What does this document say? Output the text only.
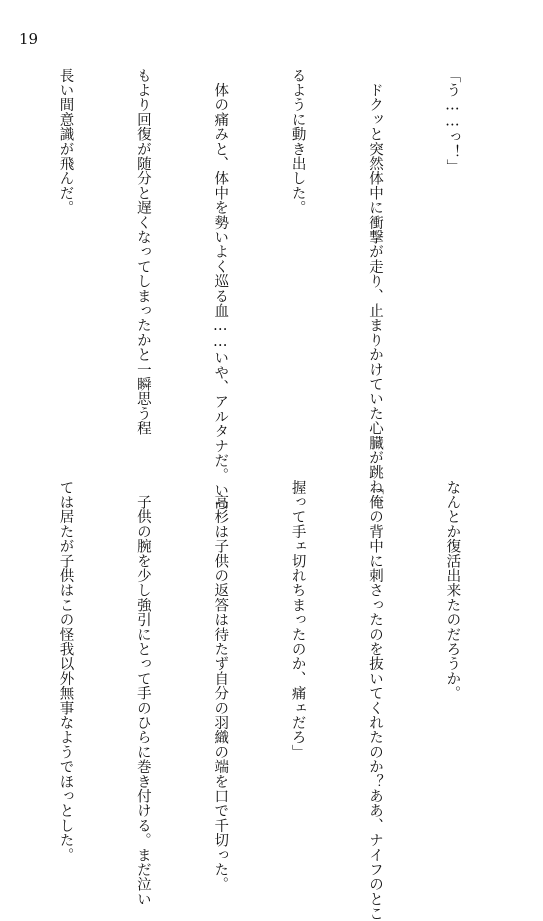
19

「う……っ！」

　ドクッと突然体中に衝撃が走り、止まりかけていた心臓が跳ね

るように動き出した。

　体の痛みと、体中を勢いよく巡る血……いや、アルタナだ。いつ

もより回復が随分と遅くなってしまったかと一瞬思う程

長い間意識が飛んだ。

なんとか復活出来たのだろうか。

「俺の背中に刺さったのを抜いてくれたのか？ああ、ナイフのとこ

握って手ェ切れちまったのか、痛ェだろ」

　高杉は子供の返答は待たず自分の羽織の端を口で千切った。

　子供の腕を少し強引にとって手のひらに巻き付ける。まだ泣い

ては居たが子供はこの怪我以外無事なようでほっとした。
